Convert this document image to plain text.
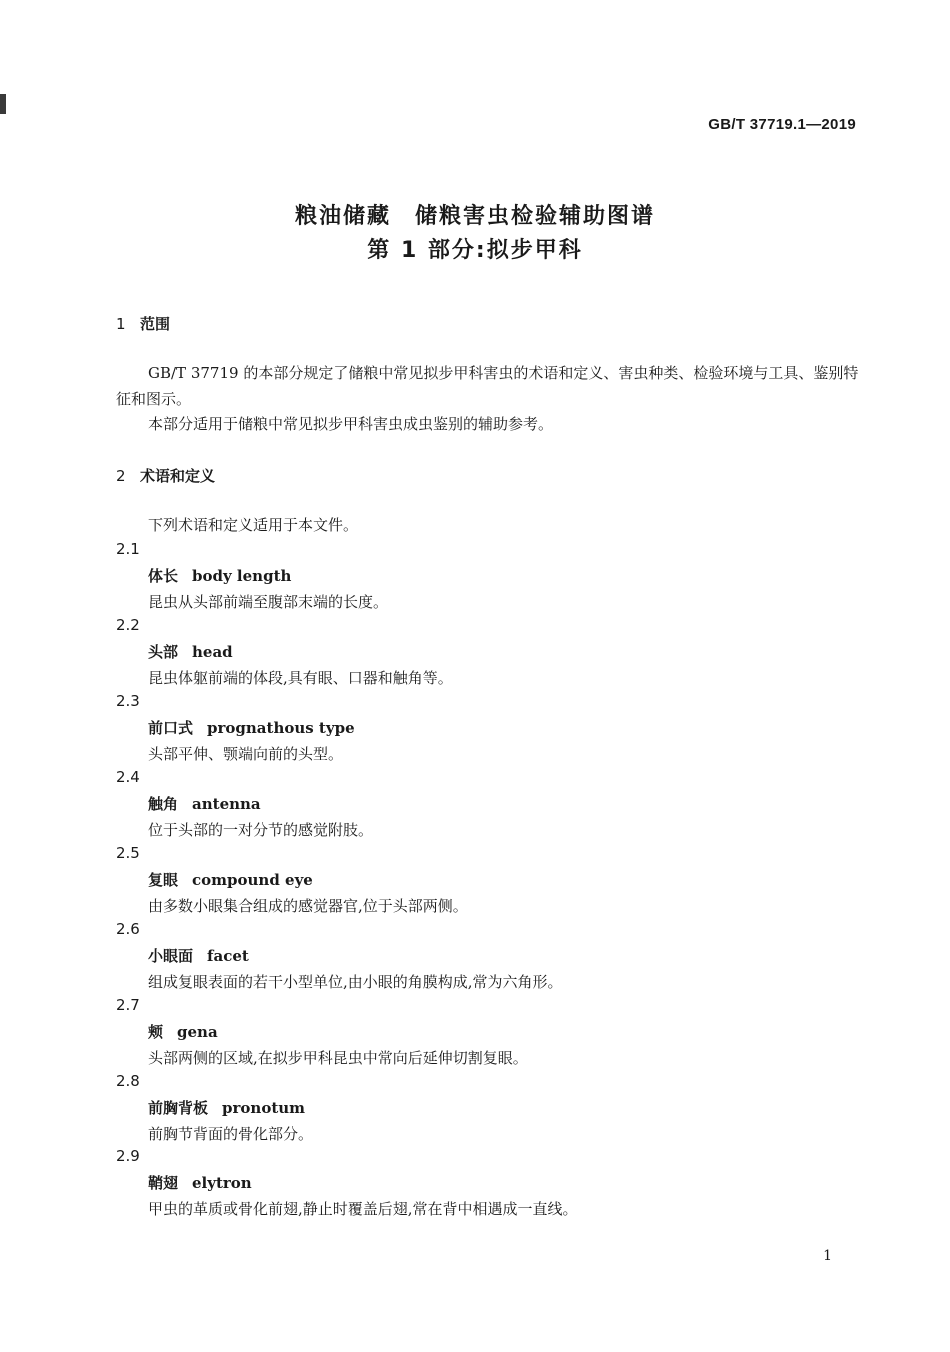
GB/T 37719.1—2019
粮油储藏　储粮害虫检验辅助图谱
第 1 部分:拟步甲科
1 范围
GB/T 37719 的本部分规定了储粮中常见拟步甲科害虫的术语和定义、害虫种类、检验环境与工具、鉴别特征和图示。
本部分适用于储粮中常见拟步甲科害虫成虫鉴别的辅助参考。
2 术语和定义
下列术语和定义适用于本文件。
2.1
体长 body length
昆虫从头部前端至腹部末端的长度。
2.2
头部 head
昆虫体躯前端的体段,具有眼、口器和触角等。
2.3
前口式 prognathous type
头部平伸、颚端向前的头型。
2.4
触角 antenna
位于头部的一对分节的感觉附肢。
2.5
复眼 compound eye
由多数小眼集合组成的感觉器官,位于头部两侧。
2.6
小眼面 facet
组成复眼表面的若干小型单位,由小眼的角膜构成,常为六角形。
2.7
颊 gena
头部两侧的区域,在拟步甲科昆虫中常向后延伸切割复眼。
2.8
前胸背板 pronotum
前胸节背面的骨化部分。
2.9
鞘翅 elytron
甲虫的革质或骨化前翅,静止时覆盖后翅,常在背中相遇成一直线。
1
